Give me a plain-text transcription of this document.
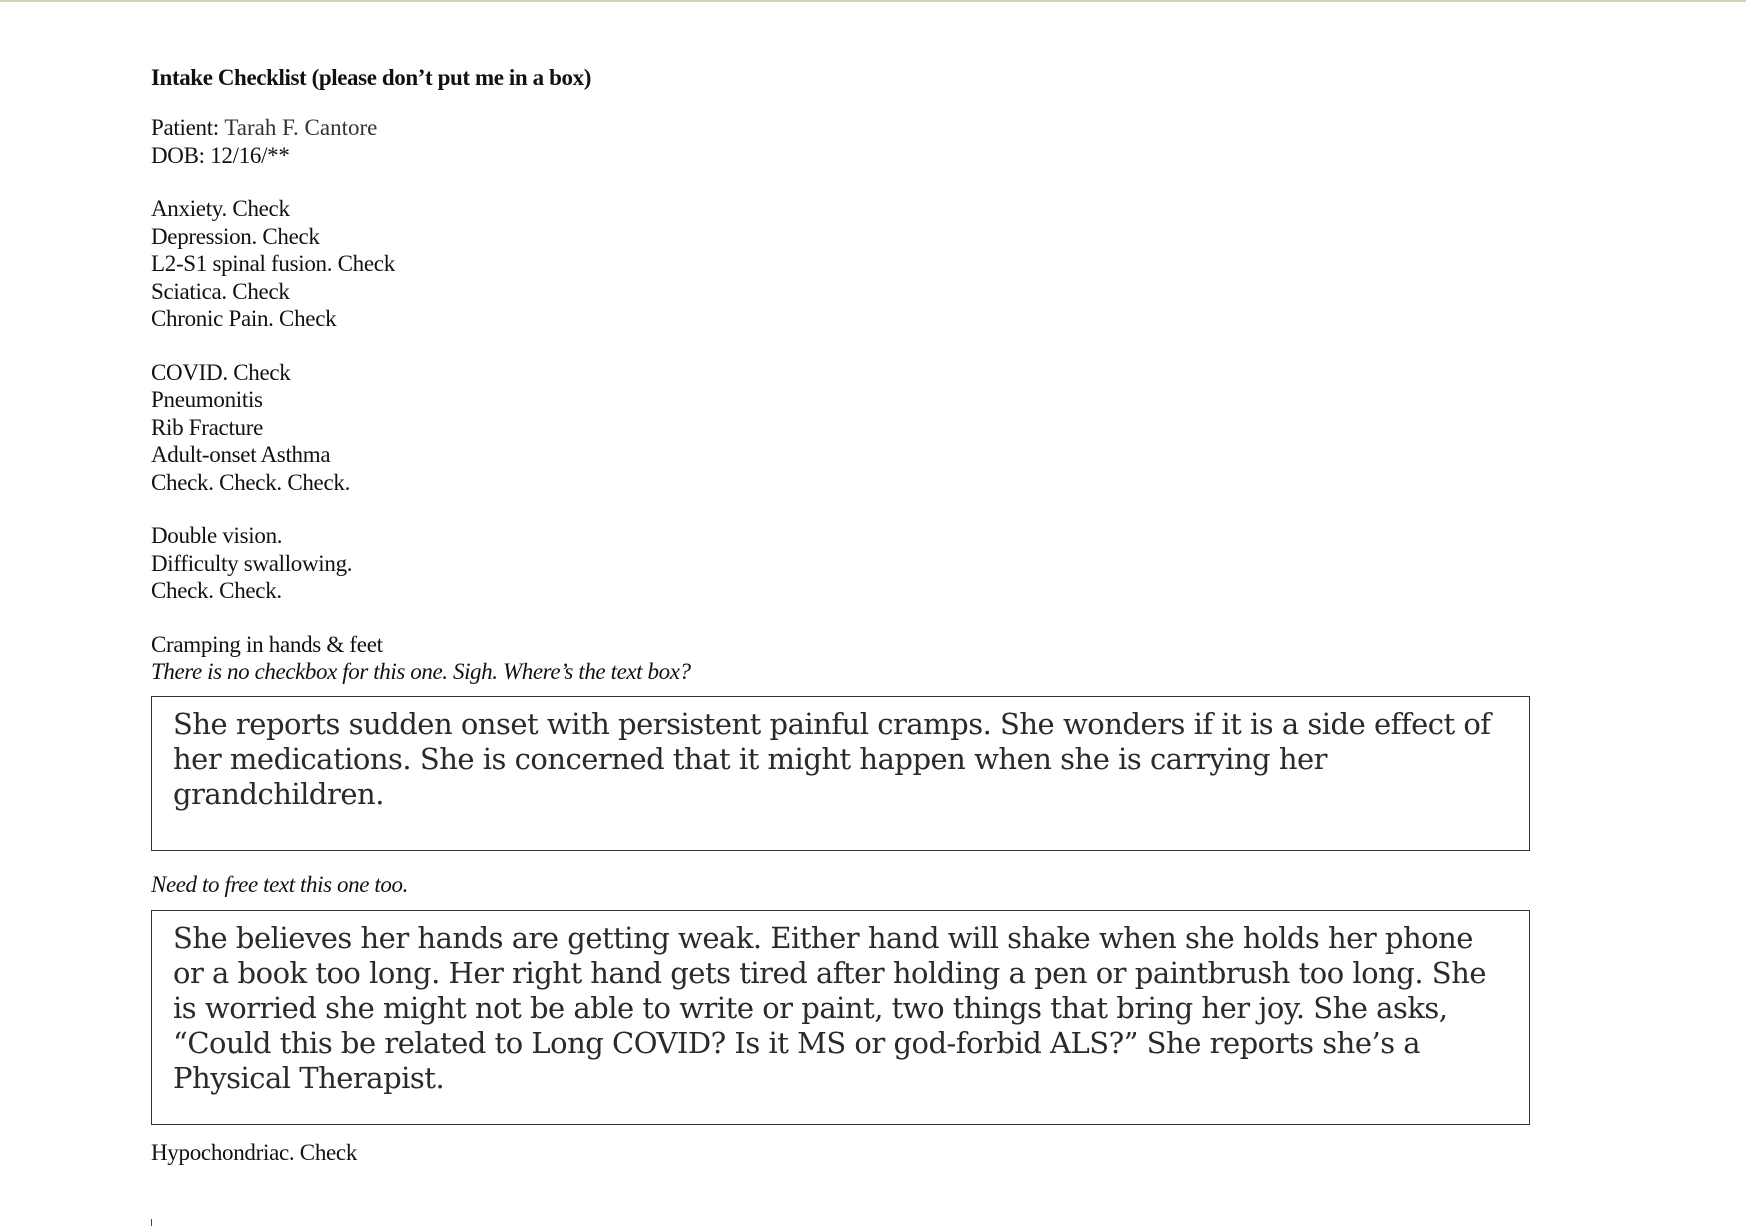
Intake Checklist (please don’t put me in a box)
Patient: Tarah F. Cantore
DOB: 12/16/**
Anxiety. Check
Depression. Check
L2-S1 spinal fusion. Check
Sciatica. Check
Chronic Pain. Check
COVID. Check
Pneumonitis
Rib Fracture
Adult-onset Asthma
Check. Check. Check.
Double vision.
Difficulty swallowing.
Check. Check.
Cramping in hands & feet
There is no checkbox for this one. Sigh. Where’s the text box?
She reports sudden onset with persistent painful cramps. She wonders if it is a side effect of her medications. She is concerned that it might happen when she is carrying her grandchildren.
Need to free text this one too.
She believes her hands are getting weak. Either hand will shake when she holds her phone or a book too long. Her right hand gets tired after holding a pen or paintbrush too long. She is worried she might not be able to write or paint, two things that bring her joy. She asks, “Could this be related to Long COVID? Is it MS or god-forbid ALS?” She reports she’s a Physical Therapist.
Hypochondriac. Check
